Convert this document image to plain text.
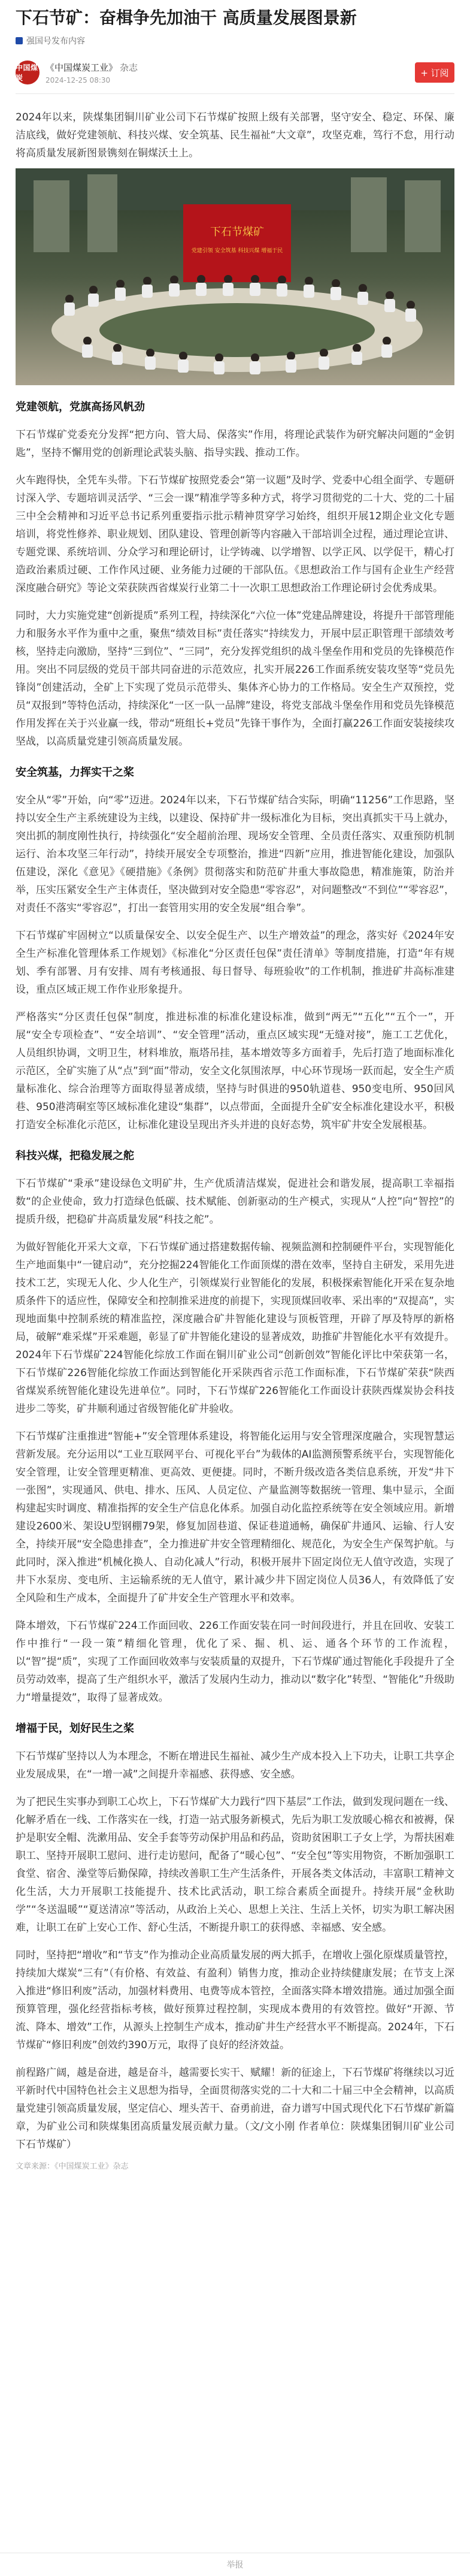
下石节矿：奋楫争先加油干 高质量发展图景新
强国号发布内容
中国煤炭
《中国煤炭工业》 杂志
2024-12-25 08:30
+ 订阅

2024年以来，陕煤集团铜川矿业公司下石节煤矿按照上级有关部署，坚守安全、稳定、环保、廉洁底线，做好党建领航、科技兴煤、安全筑基、民生福祉“大文章”，攻坚克难，笃行不怠，用行动将高质量发展新图景镌刻在铜煤沃土上。

下石节煤矿
党建引领 安全筑基 科技兴煤 增福于民

党建领航，党旗高扬风帆劲

下石节煤矿党委充分发挥“把方向、管大局、保落实”作用，将理论武装作为研究解决问题的“金钥匙”，坚持不懈用党的创新理论武装头脑、指导实践、推动工作。

火车跑得快，全凭车头带。下石节煤矿按照党委会“第一议题”及时学、党委中心组全面学、专题研讨深入学、专题培训灵活学、“三会一课”精准学等多种方式，将学习贯彻党的二十大、党的二十届三中全会精神和习近平总书记系列重要指示批示精神贯穿学习始终，组织开展12期企业文化专题培训，将党性修养、职业规划、团队建设、管理创新等内容融入干部培训全过程，通过理论宣讲、专题党课、系统培训、分众学习和理论研讨，让学铸魂、以学增智、以学正风、以学促干，精心打造政治素质过硬、工作作风过硬、业务能力过硬的干部队伍。《思想政治工作与国有企业生产经营深度融合研究》等论文荣获陕西省煤炭行业第二十一次职工思想政治工作理论研讨会优秀成果。

同时，大力实施党建“创新提质”系列工程，持续深化“六位一体”党建品牌建设，将提升干部管理能力和服务水平作为重中之重，聚焦“绩效目标”责任落实“持续发力，开展中层正职管理干部绩效考核，坚持走向激励，坚持“三到位”、“三同”，充分发挥党组织的战斗堡垒作用和党员的先锋模范作用。突出不同层级的党员干部共同奋进的示范效应，扎实开展226工作面系统安装攻坚等“党员先锋岗”创建活动，全矿上下实现了党员示范带头、集体齐心协力的工作格局。安全生产双预控，党员“双报到”等特色活动，持续深化“一区一队一品牌”建设，将党支部战斗堡垒作用和党员先锋模范作用发挥在关于兴业赢一线，带动“班组长+党员”先锋干事作为，全面打赢226工作面安装接续攻坚战，以高质量党建引领高质量发展。

安全筑基，力挥实干之桨

安全从“零”开始，向“零”迈进。2024年以来，下石节煤矿结合实际，明确“11256”工作思路，坚持以安全生产主系统建设为主线，以建设、保持矿井一级标准化为目标，突出真抓实干马上就办，突出抓的制度刚性执行，持续强化“安全超前治理、现场安全管理、全员责任落实、双重预防机制运行、治本攻坚三年行动”，持续开展安全专项整治，推进“四新”应用，推进智能化建设，加强队伍建设，深化《意见》《硬措施》《条例》贯彻落实和防范矿井重大事故隐患，精准施策，防治并举，压实压紧安全生产主体责任，坚决做到对安全隐患“零容忍”，对问题整改“不到位”“零容忍”，对责任不落实“零容忍”，打出一套管用实用的安全发展“组合拳”。

下石节煤矿牢固树立“以质量保安全、以安全促生产、以生产增效益”的理念，落实好《2024年安全生产标准化管理体系工作规划》《标准化“分区责任包保”责任清单》等制度措施，打造“年有规划、季有部署、月有安排、周有考核通报、每日督导、每班验收”的工作机制，推进矿井高标准建设，重点区域正规工作作业形象提升。

严格落实“分区责任包保”制度，推进标准的标准化建设标准，做到“两无”“五化”“五个一”，开展“安全专项检查”、“安全培训”、“安全管理”活动，重点区域实现“无缝对接”，施工工艺优化，人员组织协调，文明卫生，材料堆放，瓶塔吊挂，基本增效等多方面着手，先后打造了地面标准化示范区，全矿实施了从“点”到“面”带动，安全文化氛围浓厚，中心环节现场一跃而起，安全生产质量标准化、综合治理等方面取得显著成绩，坚持与时俱进的950轨道巷、950变电所、950回风巷、950港湾硐室等区域标准化建设“集群”，以点带面，全面提升全矿安全标准化建设水平，积极打造安全标准化示范区，让标准化建设呈现出齐头并进的良好态势，筑牢矿井安全发展根基。

科技兴煤，把稳发展之舵

下石节煤矿“秉承”建设绿色文明矿井，生产优质清洁煤炭，促进社会和谐发展，提高职工幸福指数“的企业使命，致力打造绿色低碳、技术赋能、创新驱动的生产模式，实现从“人控”向“智控”的提质升级，把稳矿井高质量发展“科技之舵”。

为做好智能化开采大文章，下石节煤矿通过搭建数据传输、视频监测和控制硬件平台，实现智能化生产地面集中“一键启动”，充分挖掘224智能化工作面顶煤的潜在效率，坚持自主研发，采用先进技术工艺，实现无人化、少人化生产，引领煤炭行业智能化的发展，积极探索智能化开采在复杂地质条件下的适应性，保障安全和控制推采进度的前提下，实现顶煤回收率、采出率的“双提高”，实现地面集中控制系统的精准监控，深度融合矿井智能化建设与顶板管理，开辟了厚及特厚的新格局，破解“难采煤”开采难题，彰显了矿井智能化建设的显著成效，助推矿井智能化水平有效提升。2024年下石节煤矿224智能化综放工作面在铜川矿业公司“创新创效”智能化评比中荣获第一名，下石节煤矿226智能化综放工作面达到智能化开采陕西省示范工作面标准，下石节煤矿荣获“陕西省煤炭系统智能化建设先进单位”。同时，下石节煤矿226智能化工作面设计获陕西煤炭协会科技进步二等奖，矿井顺利通过省级智能化矿井验收。

下石节煤矿注重推进“智能+”安全管理体系建设，将智能化运用与安全管理深度融合，实现智慧运营新发展。充分运用以“工业互联网平台、可视化平台”为载体的AI监测预警系统平台，实现智能化安全管理，让安全管理更精准、更高效、更便捷。同时，不断升级改造各类信息系统，开发“井下一张图”，实现通风、供电、排水、压风、人员定位、产量监测等数据统一管理、集中显示，全面构建起实时调度、精准指挥的安全生产信息化体系。加强自动化监控系统等在安全领域应用。新增建设2600米、架设U型钢棚79架，修复加固巷道、保证巷道通畅，确保矿井通风、运输、行人安全，持续开展“安全隐患排查”，全力推进矿井安全管理精细化、规范化，为安全生产保驾护航。与此同时，深入推进“机械化换人、自动化减人”行动，积极开展井下固定岗位无人值守改造，实现了井下水泵房、变电所、主运输系统的无人值守，累计减少井下固定岗位人员36人，有效降低了安全风险和生产成本，全面提升了矿井安全生产管理水平和效率。

降本增效，下石节煤矿224工作面回收、226工作面安装在同一时间段进行，并且在回收、安装工作中推行“一段一策”精细化管理，优化了采、掘、机、运、通各个环节的工作流程，以“智”提“质”，实现了工作面回收效率与安装质量的双提升，下石节煤矿通过智能化手段提升了全员劳动效率，提高了生产组织水平，激活了发展内生动力，推动以“数字化”转型、“智能化”升级助力“增量提效”，取得了显著成效。

增福于民，划好民生之桨

下石节煤矿坚持以人为本理念，不断在增进民生福祉、减少生产成本投入上下功夫，让职工共享企业发展成果，在“一增一减”之间提升幸福感、获得感、安全感。

为了把民生实事办到职工心坎上，下石节煤矿大力践行“四下基层”工作法，做到发现问题在一线、化解矛盾在一线、工作落实在一线，打造一站式服务新模式，先后为职工发放暖心棉衣和被褥，保护是职安全帽、洗漱用品、安全手套等劳动保护用品和药品，资助贫困职工子女上学，为帮扶困难职工、坚持开展职工慰问、进行走访慰问，配备了“暖心包”、“安全包”等实用物资，不断加强职工食堂、宿舍、澡堂等后勤保障，持续改善职工生产生活条件，开展各类文体活动，丰富职工精神文化生活，大力开展职工技能提升、技术比武活动，职工综合素质全面提升。持续开展“金秋助学”“冬送温暖”“夏送清凉”等活动，从政治上关心、思想上关注、生活上关怀，切实为职工解决困难，让职工在矿上安心工作、舒心生活，不断提升职工的获得感、幸福感、安全感。

同时，坚持把“增收”和“节支”作为推动企业高质量发展的两大抓手，在增收上强化原煤质量管控，持续加大煤炭“三有”（有价格、有效益、有盈利）销售力度，推动企业持续健康发展；在节支上深入推进“修旧利废”活动，加强材料费用、电费等成本管控，全面落实降本增效措施。通过加强全面预算管理，强化经营指标考核，做好预算过程控制，实现成本费用的有效管控。做好“开源、节流、降本、增效”工作，从源头上控制生产成本，推动矿井生产经营水平不断提高。2024年，下石节煤矿“修旧利废”创效约390万元，取得了良好的经济效益。

前程路广阔，越是奋进，越是奋斗，越需要长实干、赋耀！新的征途上，下石节煤矿将继续以习近平新时代中国特色社会主义思想为指导，全面贯彻落实党的二十大和二十届三中全会精神，以高质量党建引领高质量发展，坚定信心、埋头苦干、奋勇前进，奋力谱写中国式现代化下石节煤矿新篇章，为矿业公司和陕煤集团高质量发展贡献力量。（文/文小刚 作者单位：陕煤集团铜川矿业公司下石节煤矿）

文章来源：《中国煤炭工业》杂志
举报
